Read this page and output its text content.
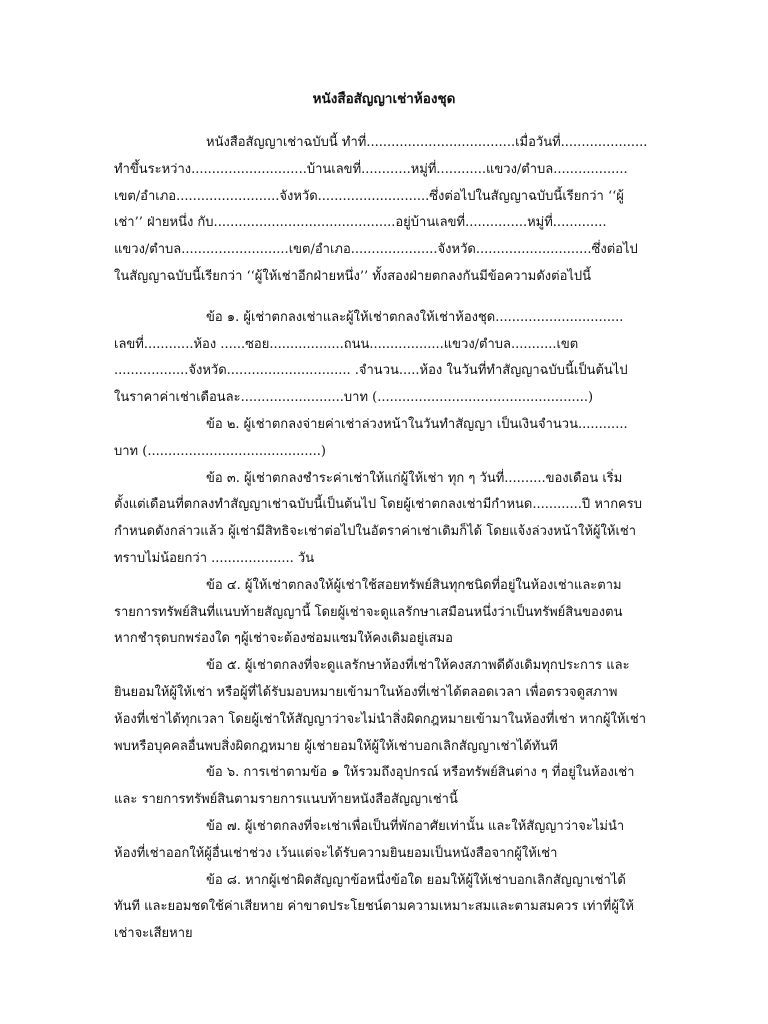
หนังสือสัญญาเช่าห้องชุด

หนังสือสัญญาเช่าฉบับนี้ ทำที่....................................เมื่อวันที่.....................
ทำขึ้นระหว่าง............................บ้านเลขที่............หมู่ที่............แขวง/ตำบล..................
เขต/อำเภอ.........................จังหวัด...........................ซึ่งต่อไปในสัญญาฉบับนี้เรียกว่า ‘‘ผู้
เช่า’’ ฝ่ายหนึ่ง กับ............................................อยู่บ้านเลขที่...............หมู่ที่.............
แขวง/ตำบล..........................เขต/อำเภอ.....................จังหวัด............................ซึ่งต่อไป
ในสัญญาฉบับนี้เรียกว่า ‘‘ผู้ให้เช่าอีกฝ่ายหนึ่ง’’ ทั้งสองฝ่ายตกลงกันมีข้อความดังต่อไปนี้

ข้อ ๑. ผู้เช่าตกลงเช่าและผู้ให้เช่าตกลงให้เช่าห้องชุด...............................
เลขที่............ห้อง ......ซอย..................ถนน..................แขวง/ตำบล...........เขต
..................จังหวัด.............................. .จำนวน.....ห้อง ในวันที่ทำสัญญาฉบับนี้เป็นต้นไป
ในราคาค่าเช่าเดือนละ.........................บาท (...................................................)

ข้อ ๒. ผู้เช่าตกลงจ่ายค่าเช่าล่วงหน้าในวันทำสัญญา เป็นเงินจำนวน............
บาท (..........................................)

ข้อ ๓. ผู้เช่าตกลงชำระค่าเช่าให้แก่ผู้ให้เช่า ทุก ๆ วันที่..........ของเดือน เริ่ม
ตั้งแต่เดือนที่ตกลงทำสัญญาเช่าฉบับนี้เป็นต้นไป โดยผู้เช่าตกลงเช่ามีกำหนด............ปี หากครบ
กำหนดดังกล่าวแล้ว ผู้เช่ามีสิทธิจะเช่าต่อไปในอัตราค่าเช่าเดิมก็ได้ โดยแจ้งล่วงหน้าให้ผู้ให้เช่า
ทราบไม่น้อยกว่า .................... วัน

ข้อ ๔. ผู้ให้เช่าตกลงให้ผู้เช่าใช้สอยทรัพย์สินทุกชนิดที่อยู่ในห้องเช่าและตาม
รายการทรัพย์สินที่แนบท้ายสัญญานี้ โดยผู้เช่าจะดูแลรักษาเสมือนหนึ่งว่าเป็นทรัพย์สินของตน
หากชำรุดบกพร่องใด ๆผู้เช่าจะต้องซ่อมแซมให้คงเดิมอยู่เสมอ

ข้อ ๕. ผู้เช่าตกลงที่จะดูแลรักษาห้องที่เช่าให้คงสภาพดีดังเดิมทุกประการ และ
ยินยอมให้ผู้ให้เช่า หรือผู้ที่ได้รับมอบหมายเข้ามาในห้องที่เช่าได้ตลอดเวลา เพื่อตรวจดูสภาพ
ห้องที่เช่าได้ทุกเวลา โดยผู้เช่าให้สัญญาว่าจะไม่นำสิ่งผิดกฎหมายเข้ามาในห้องที่เช่า หากผู้ให้เช่า
พบหรือบุคคลอื่นพบสิ่งผิดกฎหมาย ผู้เช่ายอมให้ผู้ให้เช่าบอกเลิกสัญญาเช่าได้ทันที

ข้อ ๖. การเช่าตามข้อ ๑ ให้รวมถึงอุปกรณ์ หรือทรัพย์สินต่าง ๆ ที่อยู่ในห้องเช่า
และ รายการทรัพย์สินตามรายการแนบท้ายหนังสือสัญญาเช่านี้

ข้อ ๗. ผู้เช่าตกลงที่จะเช่าเพื่อเป็นที่พักอาศัยเท่านั้น และให้สัญญาว่าจะไม่นำ
ห้องที่เช่าออกให้ผู้อื่นเช่าช่วง เว้นแต่จะได้รับความยินยอมเป็นหนังสือจากผู้ให้เช่า

ข้อ ๘. หากผู้เช่าผิดสัญญาข้อหนึ่งข้อใด ยอมให้ผู้ให้เช่าบอกเลิกสัญญาเช่าได้
ทันที และยอมชดใช้ค่าเสียหาย ค่าขาดประโยชน์ตามความเหมาะสมและตามสมควร เท่าที่ผู้ให้
เช่าจะเสียหาย
